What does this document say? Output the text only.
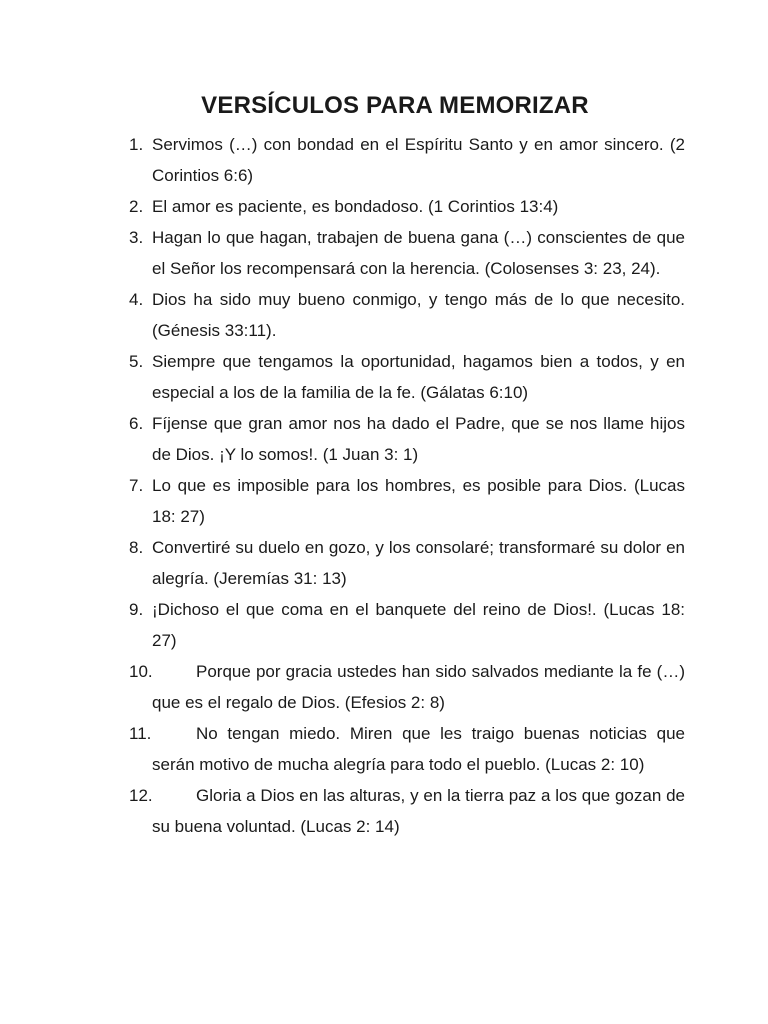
VERSÍCULOS PARA MEMORIZAR
1. Servimos (…) con bondad en el Espíritu Santo y en amor sincero. (2 Corintios 6:6)
2. El amor es paciente, es bondadoso. (1 Corintios 13:4)
3. Hagan lo que hagan, trabajen de buena gana (…) conscientes de que el Señor los recompensará con la herencia. (Colosenses 3: 23, 24).
4. Dios ha sido muy bueno conmigo, y tengo más de lo que necesito. (Génesis 33:11).
5. Siempre que tengamos la oportunidad, hagamos bien a todos, y en especial a los de la familia de la fe. (Gálatas 6:10)
6. Fíjense que gran amor nos ha dado el Padre, que se nos llame hijos de Dios. ¡Y lo somos!. (1 Juan 3: 1)
7. Lo que es imposible para los hombres, es posible para Dios. (Lucas 18: 27)
8. Convertiré su duelo en gozo, y los consolaré; transformaré su dolor en alegría. (Jeremías 31: 13)
9. ¡Dichoso el que coma en el banquete del reino de Dios!. (Lucas 18: 27)
10.	Porque por gracia ustedes han sido salvados mediante la fe (…) que es el regalo de Dios. (Efesios 2: 8)
11.	No tengan miedo. Miren que les traigo buenas noticias que serán motivo de mucha alegría para todo el pueblo. (Lucas 2: 10)
12.	Gloria a Dios en las alturas, y en la tierra paz a los que gozan de su buena voluntad. (Lucas 2: 14)
